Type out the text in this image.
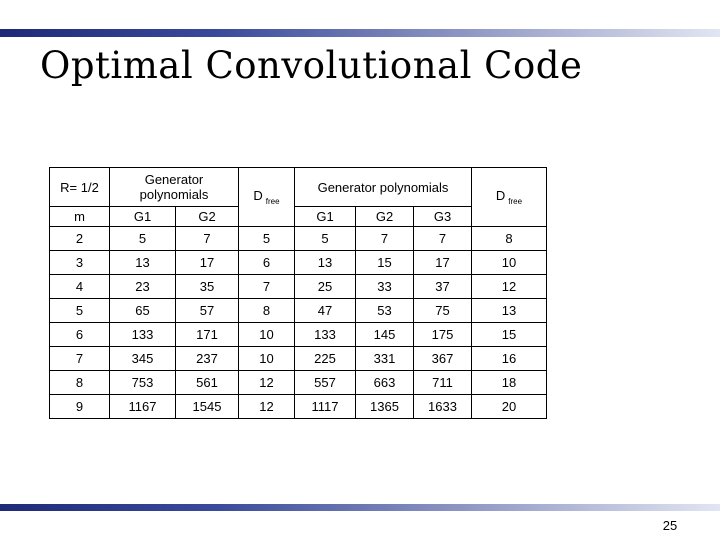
Optimal Convolutional Code
R= 1/2	Generator polynomials		D $_{free}$	Generator polynomials			D $_{free}$
m	G1	G2		G1	G2	G3	
2	5	7	5	5	7	7	8
3	13	17	6	13	15	17	10
4	23	35	7	25	33	37	12
5	65	57	8	47	53	75	13
6	133	171	10	133	145	175	15
7	345	237	10	225	331	367	16
8	753	561	12	557	663	711	18
9	1167	1545	12	1117	1365	1633	20
25
